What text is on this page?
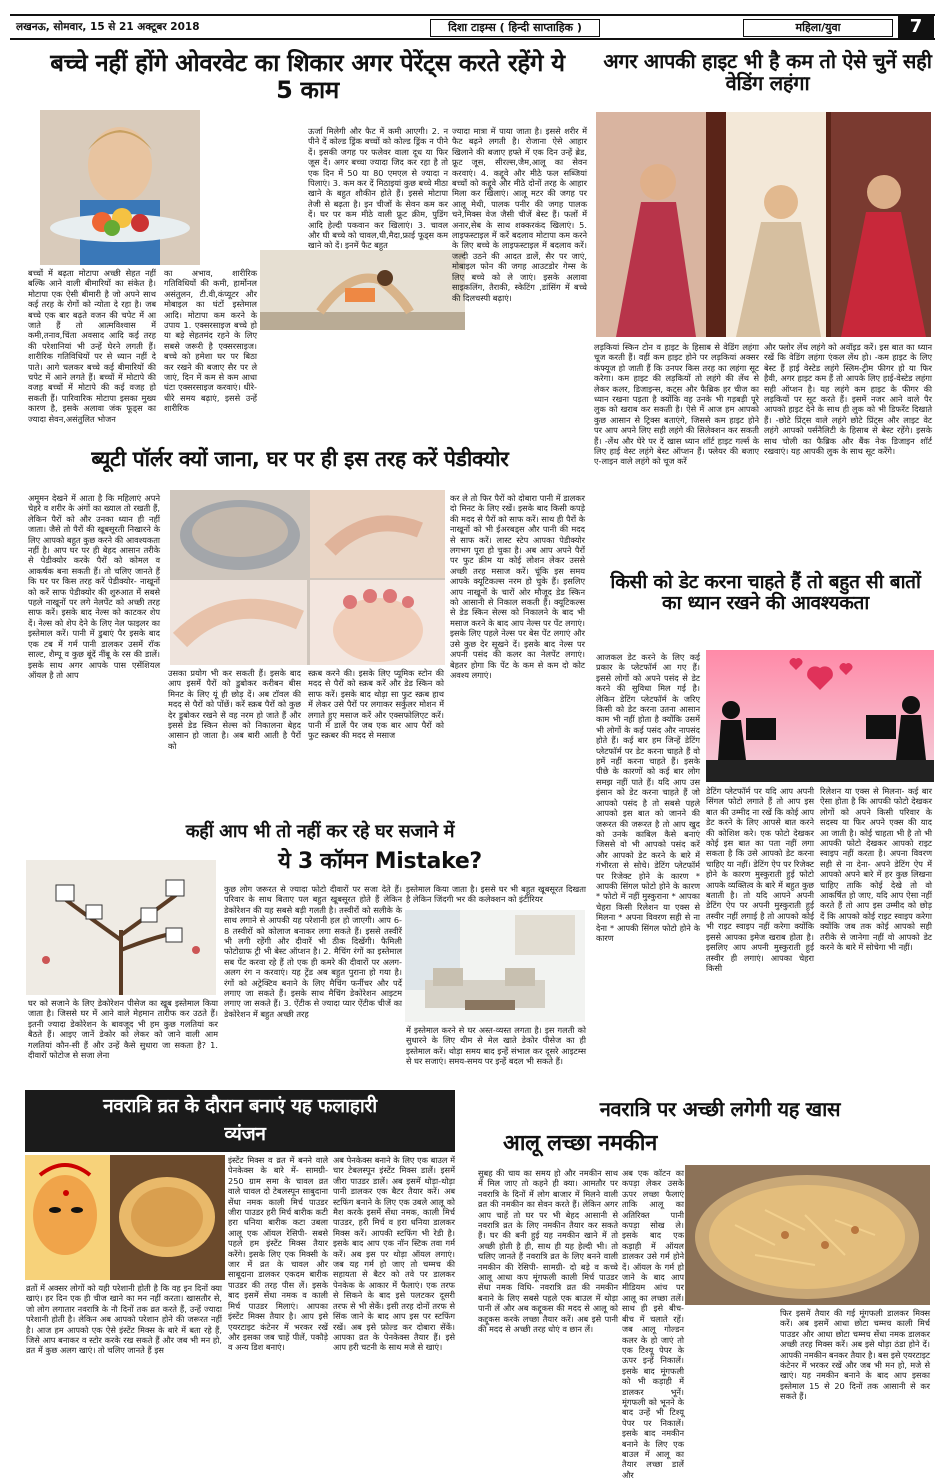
लखनऊ, सोमवार, 15 से 21 अक्टूबर 2018	दिशा टाइम्स ( हिन्दी साप्ताहिक )	महिला/युवा	7
बच्चे नहीं होंगे ओवरवेट का शिकार अगर पेरेंट्स करते रहेंगे ये 5 काम
बच्चों में बढ़ता मोटापा अच्छी सेहत नहीं बल्कि आने वाली बीमारियों का संकेत है। मोटापा एक ऐसी बीमारी है जो अपने साथ कई तरह के रोगों को न्योता दे रहा है। जब बच्चे एक बार बढ़ते वजन की चपेट में आ जाते हैं तो आत्मविश्वास में कमी,तनाव,चिंता अवसाद आदि कई तरह की परेशानियां भी उन्हें घेरने लगती हैं। शारीरिक गतिविधियों पर से ध्यान नहीं दे पाते। आगे चलकर बच्चे कई बीमारियों की चपेट में आने लगते हैं। बच्चों में मोटापे की वजह बच्चों में मोटापे की कई वजह हो सकती हैं। पारिवारिक मोटापा इसका मुख्य कारण है, इसके अलावा जंक फूड्स का ज्यादा सेवन,असंतुलित भोजन
का अभाव, शारीरिक गतिविधियों की कमी, हार्मोनल असंतुलन, टी.वी,कंप्यूटर और मोबाइल का घंटों इस्तेमाल आदि। मोटापा कम करने के उपाय 1. एक्सरसाइज बच्चे हो या बड़े सेहतमंद रहने के लिए सबसे जरूरी है एक्सरसाइज। बच्चे को हमेशा घर पर बिठा कर रखने की बजाए सैर पर ले जाएं, दिन में कम से कम आधा घंटा एक्सरसाइज करवाएं। धीरे-धीरे समय बढ़ाएं, इससे उन्हें शारीरिक
ऊर्जा मिलेगी और फैट में कमी आएगी। 2. न पीने दें कोल्ड ड्रिंक बच्चों को कोल्ड ड्रिंक न पीने दें। इसकी जगह पर फलेवर वाला दूध या फिर जूस दें। अगर बच्चा ज्यादा जिद कर रहा है तो एक दिन में 50 या 80 एमएल से ज्यादा न पिलाएं। 3. कम कर दें मिठाइयां कुछ बच्चे मीठा खाने के बहुत शौकीन होते हैं। इससे मोटापा तेजी से बढ़ता है। इन चीजों के सेवन कम कर दें। घर पर कम मीठे वाली फ्रूट क्रीम, पुडिंग आदि हेल्दी पकवान कर खिलाएं। 3. चावल और घी बच्चे को चावल,घी,मैदा,फ्राई फूड्स कम खाने को दें। इनमें फैट बहुत
ज्यादा मात्रा में पाया जाता है। इससे शरीर में फैट बढ़ने लगती है। रोजाना ऐसे आहार खिलाने की बजाए हफ्ते में एक दिन उन्हें ब्रेड, फ्रूट जूस, सीरल्स,जैम,आलू का सेवन करवाएं। 4. कद्दूवे और मीठे फल सब्जियां बच्चों को कद्दूवे और मीठे दोनों तरह के आहार मिला कर खिलाएं। आलू मटर की जगह पर आलू मेथी, पालक पनीर की जगह पालक चने,मिक्स वेज जैसी चीजें बेस्ट हैं। फलों में अनार,सेब के साथ शक्करकंद खिलाएं। 5. लाइफस्टाइल में करें बदलाव मोटापा कम करने के लिए बच्चे के लाइफस्टाइल में बदलाव करें। जल्दी उठने की आदत डालें, सैर पर जाएं, मोबाइल फोन की जगह आउटडोर गेम्स के लिए बच्चे को ले जाएं। इसके अलावा साइकलिंग, तैराकी, स्केटिंग ,डांसिंग में बच्चे की दिलचस्पी बढ़ाएं।
अगर आपकी हाइट भी है कम तो ऐसे चुनें सही वेडिंग लहंगा
लड़कियां स्किन टोन व हाइट के हिसाब से वेडिंग लहंगा चूज करती हैं। वहीं कम हाइट होने पर लड़कियां अक्सर कंफ्यूज हो जाती हैं कि उनपर किस तरह का लहंगा सूट करेगा। कम हाइट की लड़कियों तो लहंगे की लेंथ से लेकर कलर, डिजाइन्स, कट्स और फैब्रिक हर चीज का ध्यान रखना पड़ता है क्योंकि वह उनके भी गड़बड़ी पूरे लुक को खराब कर सकती है। ऐसे में आज हम आपको कुछ आसान से ट्रिक्स बताएंगे, जिससे कम हाइट होने पर आप अपने लिए सही लहंगे की सिलेक्शन कर सकती हैं। -लेंथ और घेरे पर दें खास ध्यान शॉर्ट हाइट गर्ल्स के लिए हाई वेस्ट लहंगे बेस्ट ऑप्शन हैं। फ्लेयर की बजाए ए-लाइन वाले लहंगे को चूज करें
और फ्लोर लेंथ लहंगे को अवॉइड करें। इस बात का ध्यान रखें कि वेडिंग लहंगा एंकल लेंथ हो। -कम हाइट के लिए बेस्ट हैं हाई वेस्टेड लहंगे स्लिम-ट्रीम फीगर हो या फिर हैवी, अगर हाइट कम हैं तो आपके लिए हाई-वेस्टेड लहंगा सही ऑप्शन है। यह लहंगे कम हाइट के फीगर की लड़कियों पर सूट करते हैं। इसमें नजर आने वाले पैर आपको हाइट देने के साथ ही लुक को भी डिफरेंट दिखाते हैं। -छोटे प्रिंट्स वाले लहंगे छोटे प्रिंट्स और लाइट वेट लहंगे आपको पर्सनैलिटी के हिसाब से बेस्ट रहेंगे। इसके साथ चोली का फैब्रिक और बैंक नेक डिजाइन शॉर्ट रखवाएं। यह आपकी लुक के साथ सूट करेंगे।
ब्यूटी पॉर्लर क्यों जाना, घर पर ही इस तरह करें पेडीक्योर
अमूमन देखने में आता है कि महिलाएं अपने चेहरे व शरीर के अंगों का ख्याल तो रखती हैं, लेकिन पैरों को और उनका ध्यान ही नहीं जाता। जैसे तो पैरों की खूबसूरती निखारने के लिए आपको बहुत कुछ करने की आवश्यकता नहीं है। आप घर पर ही बेहद आसान तरीके से पेडीक्योर करके पैरों को कोमल व आकर्षक बना सकती हैं। तो चलिए जानते हैं कि घर पर किस तरह करें पेडीक्योर- नाखूनों को करें साफ पेडीक्योर की शुरुआत में सबसे पहले नाखूनों पर लगे नेलपेंट को अच्छी तरह साफ करें। इसके बाद नेल्स को काटकर शेप दें। नेल्स को शेप देने के लिए नेल फाइलर का इस्तेमाल करें। पानी में डुबाएं पैर इसके बाद एक टब में गर्म पानी डालकर उसमें रॉक साल्ट, शैम्पू व कुछ बूंदें नींबू के रस की डालें। इसके साथ अगर आपके पास एसेंशियल ऑयल है तो आप	उसका प्रयोग भी कर सकती हैं। इसके बाद आप इसमें पैरों को डुबोकर करीबन बीस मिनट के लिए यूं ही छोड़ दें। अब टॉवल की मदद से पैरों को पोंछें। करें स्क्रब पैरों को कुछ देर डुबोकर रखने से वह नरम हो जाते हैं और इससे डेड स्किन सेल्स को निकालना बेहद आसान हो जाता है। अब बारी आती है पैरों को
स्क्रब करने की। इसके लिए प्यूमिक स्टोन की मदद से पैरों को स्क्रब करें और डेड स्किन को साफ करें। इसके बाद थोड़ा सा फुट स्क्रब हाथ में लेकर उसे पैरों पर लगाकर सर्कुलर मोशन में लगाते हुए मसाज करें और एक्सफोलिएट करें। पानी में डालें पैर जब एक बार आप पैरों को फुट स्क्रबर की मदद से मसाज
कर ले तो फिर पैरों को दोबारा पानी में डालकर दो मिनट के लिए रखें। इसके बाद किसी कपड़े की मदद से पैरों को साफ करें। साथ ही पैरों के नाखूनों को भी ईअरबड्स और पानी की मदद से साफ करें। लास्ट स्टेप आपका पेडीक्योर लगभग पूरा हो चुका है। अब आप अपने पैरों पर फुट क्रीम या कोई लोशन लेकर उससे अच्छी तरह मसाज करें। चूंकि इस समय आपके क्यूटिकल्स नरम हो चुके हैं। इसलिए आप नाखूनों के चारों ओर मौजूद डेड स्किन को आसानी से निकाल सकती हैं। क्यूटिकल्स से डेड स्किन सेल्स को निकालने के बाद भी मसाज करने के बाद आप नेल्स पर पेंट लगाएं। इसके लिए पहले नेल्स पर बेस पेंट लगाएं और उसे कुछ देर सूखने दें। इसके बाद नेल्स पर अपनी पसंद की कलर का नेलपेंट लगाएं। बेहतर होगा कि पेंट के कम से कम दो कोट अवश्य लगाएं।
किसी को डेट करना चाहते हैं तो बहुत सी बातों का ध्यान रखने की आवश्यकता
आजकल डेट करने के लिए कई प्रकार के प्लेटफॉर्म आ गए हैं। इससे लोगों को अपने पसंद से डेट करने की सुविधा मिल गई है। लेकिन डेटिंग प्लेटफॉर्म के जरिए किसी को डेट करना उतना आसान काम भी नहीं होता है क्योंकि उसमें भी लोगों के कई पसंद और नापसंद होते हैं। कई बार हम जिन्हें डेटिंग प्लेटफॉर्म पर डेट करना चाहते हैं वो हमें नहीं करना चाहते हैं। इसके पीछे के कारणों को कई बार लोग समझ नहीं पाते हैं। यदि आप उस इंसान को डेट करना चाहते हैं जो आपको पसंद है तो सबसे पहले आपको इस बात को जानने की जरूरत की जरूरत है तो आप खुद को उनके काबिल कैसे बनाएं जिससे वो भी आपको पसंद करें और आपको डेट करने के बारे में गंभीरता से सोचे। डेटिंग प्लेटफॉर्म पर रिजेक्ट होने के कारण * आपकी सिंगल फोटो होने के कारण * फोटो में नहीं मुस्कुराना * आपका चेहरा किसी रिलेशन या एक्स से मिलना * अपना विवरण सही से ना देना * आपकी सिंगल फोटो होने के कारण
डेटिंग प्लेटफॉर्म पर यदि आप अपनी सिंगल फोटो लगाते हैं तो आप इस बात की उम्मीद ना रखें कि कोई आप डेट करने के लिए आपसे बात करने की कोशिश करे। एक फोटो देखकर कोई इस बात का पता नहीं लगा सकता है कि उसे आपको डेट करना चाहिए या नहीं। डेटिंग ऐप पर रिजेक्ट होने के कारण मुस्कुराती हुई फोटो आपके व्यक्तित्व के बारे में बहुत कुछ बताती है। तो यदि आपने अपनी डेटिंग ऐप पर अपनी मुस्कुराती हुई तस्वीर नहीं लगाई है तो आपको कोई भी राइट स्वाइप नहीं करेगा क्योंकि इससे आपका इमेज खराब होता है। इसलिए आप अपनी मुस्कुराती हुई तस्वीर ही लगाएं। आपका चेहरा किसी
रिलेशन या एक्स से मिलना- कई बार ऐसा होता है कि आपकी फोटो देखकर लोगों को अपने किसी परिवार के सदस्य या फिर अपने एक्स की याद आ जाती है। कोई चाहता भी है तो भी आपकी फोटो देखकर आपको राइट स्वाइप नहीं करता है। अपना विवरण सही से ना देना- अपने डेटिंग ऐप में आपको अपने बारे में हर कुछ लिखना चाहिए ताकि कोई देखे तो वो आकर्षित हो जाए, यदि आप ऐसा नहीं करते हैं तो आप इस उम्मीद को छोड़ दें कि आपको कोई राइट स्वाइप करेगा क्योंकि जब तक कोई आपको सही तरीके से जानेगा नहीं वो आपको डेट करने के बारे में सोचेगा भी नहीं।
कहीं आप भी तो नहीं कर रहे घर सजाने में
ये 3 कॉमन Mistake?
घर को सजाने के लिए डेकोरेशन पीसेज का खूब इस्तेमाल किया जाता है। जिससे घर में आने वाले मेहमान तारीफ कर उठते हैं। इतनी ज्यादा डेकोरेशन के बावजूद भी हम कुछ गलतियां कर बैठते हैं। आइए जानें डेकोर को लेकर को जाने वाली आम गलतियां कौन-सी हैं और उन्हें कैसे सुधारा जा सकता है? 1. दीवारों फोटोज से सजा लेना
कुछ लोग जरूरत से ज्यादा फोटो दीवारों पर सजा देते हैं। परिवार के साथ बिताए पल बहुत खूबसूरत होते हैं लेकिन डेकोरेशन की यह सबसे बड़ी गलती है। तस्वीरों को सलीके के साथ लगाने से आपकी यह परेशानी हल हो जाएगी। आप 6-8 तस्वीरों को कोलाज बनाकर लगा सकते हैं। इससे तस्वीरें भी लगी रहेंगी और दीवारें भी ठीक दिखेंगी। फैमिली फोटोग्राफ ट्री भी बेस्ट ऑप्शन है। 2. मैचिंग रंगों का इस्तेमाल सब पेंट करवा रहे हैं तो एक ही कमरे की दीवारों पर अलग-अलग रंग न करवाएं। यह ट्रेंड अब बहुत पुराना हो गया है। रंगों को अट्रेक्टिव बनाने के लिए मैचिंग फर्नीचर और पर्दे लगाए जा सकते हैं। इसके साथ मैचिंग डेकोरेशन आइटम लगाए जा सकते हैं। 3. ऐंटीक से ज्यादा प्यार ऐंटीक चीजें का डेकोरेशन में बहुत अच्छी तरह
इस्तेमाल किया जाता है। इससे घर भी बहुत खूबसूरत दिखता है लेकिन जिंदगी भर की कलेक्शन को इंटीरियर
में इस्तेमाल करने से घर अस्त-व्यस्त लगता है। इस गलती को सुधारने के लिए थीम से मेल खाते डेकोर पीसेज का ही इस्तेमाल करें। थोड़ा समय बाद इन्हें संभाल कर दूसरे आइटम्स से घर सजाएं। समय-समय पर इन्हें बदल भी सकते हैं।
नवरात्रि व्रत के दौरान बनाएं यह फलाहारी
व्यंजन
व्रतों में अक्सर लोगों को यही परेशानी होती है कि वह इन दिनों क्या खाएं। हर दिन एक ही चीज खाने का मन नहीं करता। खासतौर से, जो लोग लगातार नवरात्रि के नौ दिनों तक व्रत करते हैं, उन्हें ज्यादा परेशानी होती है। लेकिन अब आपको परेशान होने की जरूरत नहीं है। आज हम आपको एक ऐसे इंस्टेंट मिक्स के बारे में बता रहे हैं, जिसे आप बनाकर व स्टोर करके रख सकते हैं और जब भी मन हो, व्रत में कुछ अलग खाएं। तो चलिए जानते हैं इस
इंस्टेंट मिक्स व व्रत में बनने वाले पेनकेक्स के बारे में- सामग्री- 250 ग्राम समा के चावल व्रत वाले चावल दो टेबलस्पून साबुदाना सेंधा नमक काली मिर्च पाउडर जीरा पाउडर हरी मिर्च बारीक कटी हरा धनिया बारीक कटा उबला आलू एक ऑयल रेसिपी- सबसे पहले हम इंस्टेंट मिक्स तैयार करेंगे। इसके लिए एक मिक्सी के जार में व्रत के चावल और साबूदाना डालकर एकदम बारीक पाउडर की तरह पीस लें। इसके बाद इसमें सेंधा नमक व काली मिर्च पाउडर मिलाएं। आपका इंस्टेंट मिक्स तैयार है। आप इसे एयरटाइट कंटेनर में भरकर रखें और इसका जब चाहें पीलें, पकौड़े व अन्य डिश बनाएं।
अब पेनकेक्स बनाने के लिए एक बाउल में चार टेबलस्पून इंस्टेंट मिक्स डालें। इसमें जीरा पाउडर डालें। अब इसमें थोड़ा-थोड़ा पानी डालकर एक बैटर तैयार करें। अब स्टफिंग बनाने के लिए एक उबले आलू को मैश करके इसमें सेंधा नमक, काली मिर्च पाउडर, हरी मिर्च व हरा धनिया डालकर मिक्स करें। आपकी स्टफिंग भी रेडी है। इसके बाद आप एक नॉन स्टिक तवा गर्म करें। अब इस पर थोड़ा ऑयल लगाएं। जब यह गर्म हो जाए तो चम्मच की सहायता से बैटर को तवे पर डालकर पेनकेक के आकार में फैलाएं। एक तरफ से सिकने के बाद इसे पलटकर दूसरी तरफ से भी सेकें। इसी तरह दोनों तरफ से सिंक जाने के बाद आप इस पर स्टफिंग रखें। अब इसे फ़ोल्ड कर दोबारा सेंकें। आपका व्रत के पेनकेक्स तैयार हैं। इसे आप हरी चटनी के साथ मजे से खाएं।
नवरात्रि पर अच्छी लगेगी यह खास
आलू लच्छा नमकीन
सुबह की चाय का समय हो और नमकीन साथ में मिल जाए तो कहने ही क्या। आमतौर पर नवरात्रि के दिनों में लोग बाजार में मिलने वाली व्रत की नमकीन का सेवन करते हैं। लेकिन अगर आप चाहें तो घर पर भी बेहद आसानी से नवरात्रि व्रत के लिए नमकीन तैयार कर सकते हैं। घर की बनी हुई यह नमकीन खाने में तो अच्छी होती है ही, साथ ही यह हेल्दी भी। तो चलिए जानते हैं नवरात्रि व्रत के लिए बनने वाली नमकीन की रेसिपी- सामग्री- दो बड़े व कच्चे आलू आधा कप मूंगफली काली मिर्च पाउडर सेंधा नमक विधि- नवरात्रि व्रत की नमकीन बनाने के लिए सबसे पहले एक बाउल में थोड़ा पानी लें और अब कद्दूकस की मदद से आलू को कद्दूकस करके लच्छा तैयार करें। अब इसे पानी की मदद से अच्छी तरह धोएं व छान लें।
अब एक कॉटन का कपड़ा लेकर उसके ऊपर लच्छा फैलाएं ताकि आलू का अतिरिक्त पानी कपड़ा सोख ले। इसके बाद एक कड़ाही में ऑयल डालकर उसे गर्म होने दें। ऑयल के गर्म हो जाने के बाद आप मीडियम आंच पर आलू का लच्छा तलें। साथ ही इसे बीच-बीच में चलाते रहें। जब आलू गोल्डन कलर के हो जाएं तो एक टिश्यू पेपर के ऊपर इन्हें निकालें। इसके बाद मूंगफली को भी कड़ाही में डालकर भूनें। मूंगफली को भूनने के बाद उन्हें भी टिश्यू पेपर पर निकालें। इसके बाद नमकीन बनाने के लिए एक बाउल में आलू का तैयार लच्छा डालें और
फिर इसमें तैयार की गई मूंगफली डालकर मिक्स करें। अब इसमें आधा छोटा चम्मच काली मिर्च पाउडर और आधा छोटा चम्मच सेंधा नमक डालकर अच्छी तरह मिक्स करें। अब इसे थोड़ा ठंडा होने दें। आपकी नमकीन बनकर तैयार है। बस इसे एयरटाइट कंटेनर में भरकर रखें और जब भी मन हो, मजे से खाएं। यह नमकीन बनाने के बाद आप इसका इस्तेमाल 15 से 20 दिनों तक आसानी से कर सकते हैं।
